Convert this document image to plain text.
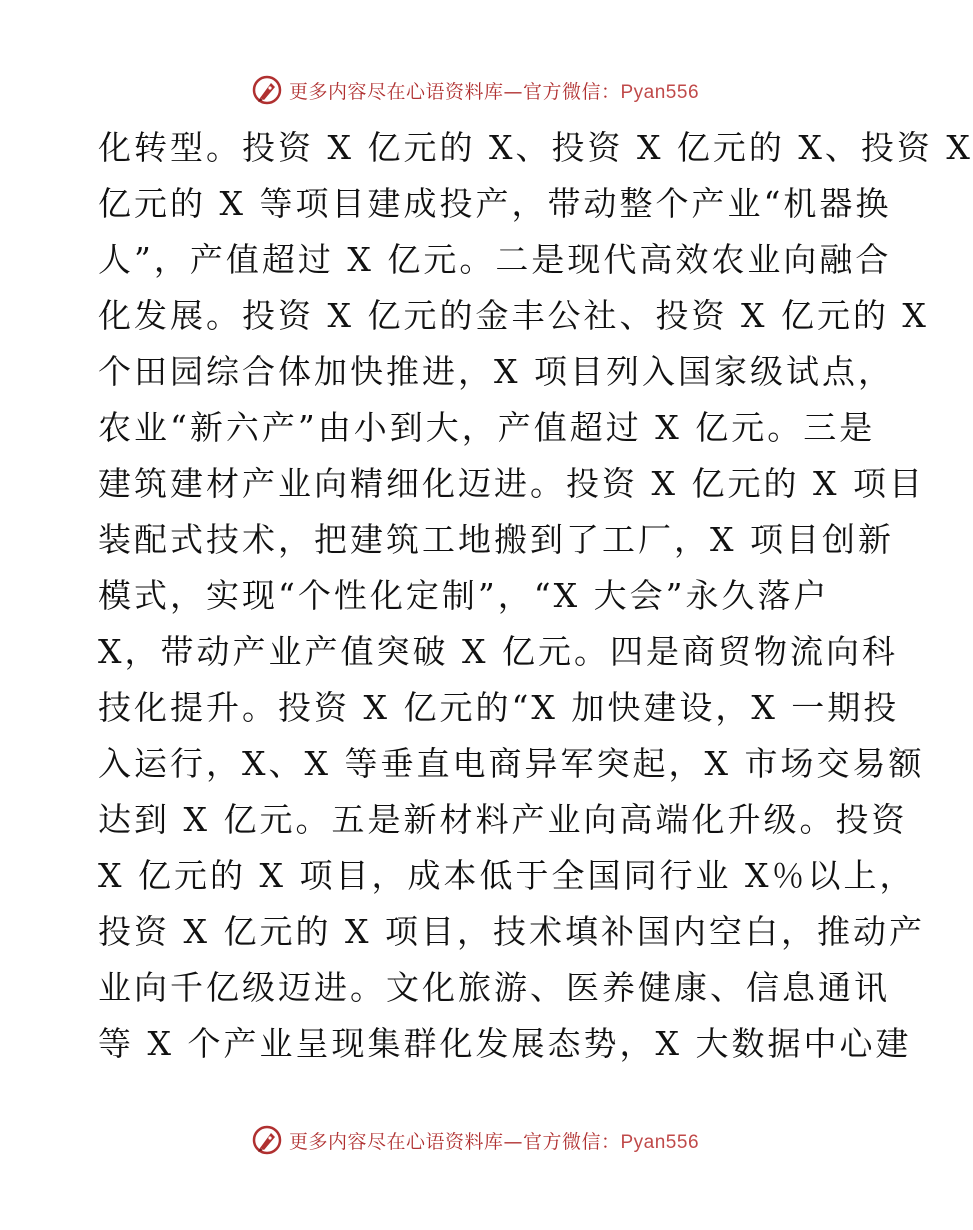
更多内容尽在心语资料库—官方微信：Pyan556
化转型。投资 X 亿元的 X、投资 X 亿元的 X、投资 X
亿元的 X 等项目建成投产，带动整个产业“机器换
人”，产值超过 X 亿元。二是现代高效农业向融合
化发展。投资 X 亿元的金丰公社、投资 X 亿元的 X
个田园综合体加快推进，X 项目列入国家级试点，
农业“新六产”由小到大，产值超过 X 亿元。三是
建筑建材产业向精细化迈进。投资 X 亿元的 X 项目
装配式技术，把建筑工地搬到了工厂，X 项目创新
模式，实现“个性化定制”，“X 大会”永久落户
X，带动产业产值突破 X 亿元。四是商贸物流向科
技化提升。投资 X 亿元的“X 加快建设，X 一期投
入运行，X、X 等垂直电商异军突起，X 市场交易额
达到 X 亿元。五是新材料产业向高端化升级。投资
X 亿元的 X 项目，成本低于全国同行业 X％以上，
投资 X 亿元的 X 项目，技术填补国内空白，推动产
业向千亿级迈进。文化旅游、医养健康、信息通讯
等 X 个产业呈现集群化发展态势，X 大数据中心建
更多内容尽在心语资料库—官方微信：Pyan556
